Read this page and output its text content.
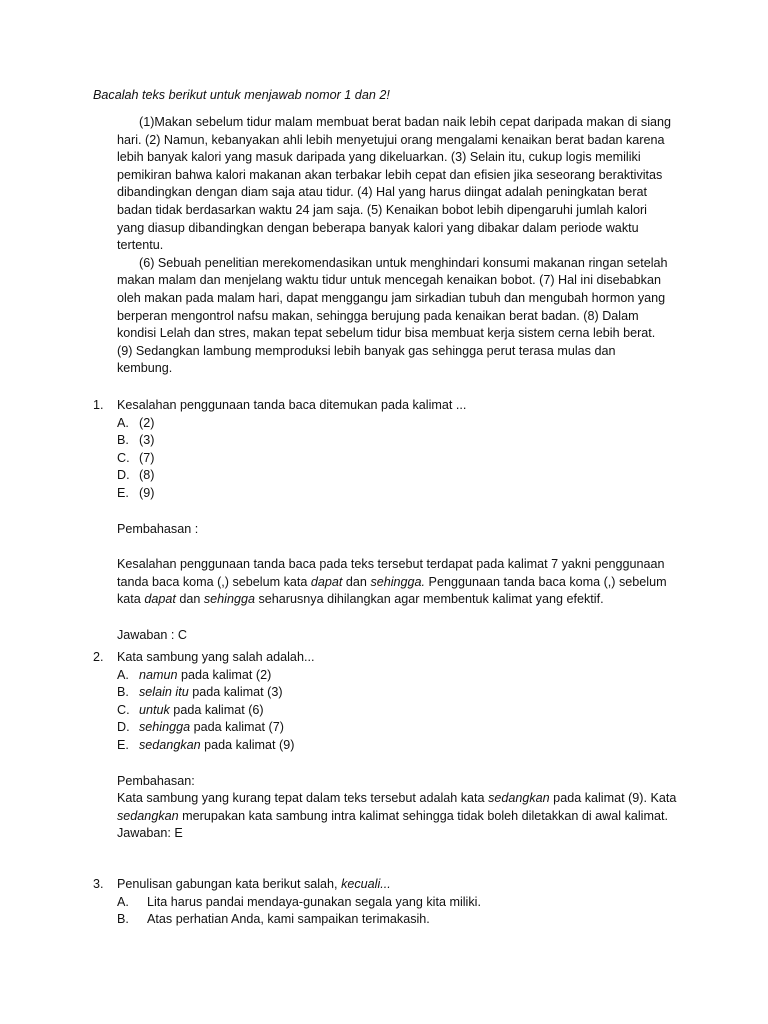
Bacalah teks berikut untuk menjawab nomor 1 dan 2!

(1)Makan sebelum tidur malam membuat berat badan naik lebih cepat daripada makan di siang hari. (2) Namun, kebanyakan ahli lebih menyetujui orang mengalami kenaikan berat badan karena lebih banyak kalori yang masuk daripada yang dikeluarkan. (3) Selain itu, cukup logis memiliki pemikiran bahwa kalori makanan akan terbakar lebih cepat dan efisien jika seseorang beraktivitas dibandingkan dengan diam saja atau tidur. (4) Hal yang harus diingat adalah peningkatan berat badan tidak berdasarkan waktu 24 jam saja. (5) Kenaikan bobot lebih dipengaruhi jumlah kalori yang diasup dibandingkan dengan beberapa banyak kalori yang dibakar dalam periode waktu tertentu.

(6) Sebuah penelitian merekomendasikan untuk menghindari konsumi makanan ringan setelah makan malam dan menjelang waktu tidur untuk mencegah kenaikan bobot. (7) Hal ini disebabkan oleh makan pada malam hari, dapat menggangu jam sirkadian tubuh dan mengubah hormon yang berperan mengontrol nafsu makan, sehingga berujung pada kenaikan berat badan. (8) Dalam kondisi Lelah dan stres, makan tepat sebelum tidur bisa membuat kerja sistem cerna lebih berat. (9) Sedangkan lambung memproduksi lebih banyak gas sehingga perut terasa mulas dan kembung.

1.	Kesalahan penggunaan tanda baca ditemukan pada kalimat ...
A. (2)
B. (3)
C. (7)
D. (8)
E. (9)
Pembahasan :
Kesalahan penggunaan tanda baca pada teks tersebut terdapat pada kalimat 7 yakni penggunaan tanda baca koma (,) sebelum kata dapat dan sehingga. Penggunaan tanda baca koma (,) sebelum kata dapat dan sehingga seharusnya dihilangkan agar membentuk kalimat yang efektif.
Jawaban : C
2.	Kata sambung yang salah adalah...
A. namun pada kalimat (2)
B. selain itu pada kalimat (3)
C. untuk pada kalimat (6)
D. sehingga pada kalimat (7)
E. sedangkan pada kalimat (9)
Pembahasan:
Kata sambung yang kurang tepat dalam teks tersebut adalah kata sedangkan pada kalimat (9). Kata sedangkan merupakan kata sambung intra kalimat sehingga tidak boleh diletakkan di awal kalimat.
Jawaban: E
3.	Penulisan gabungan kata berikut salah, kecuali...
A.	Lita harus pandai mendaya-gunakan segala yang kita miliki.
B.	Atas perhatian Anda, kami sampaikan terimakasih.
